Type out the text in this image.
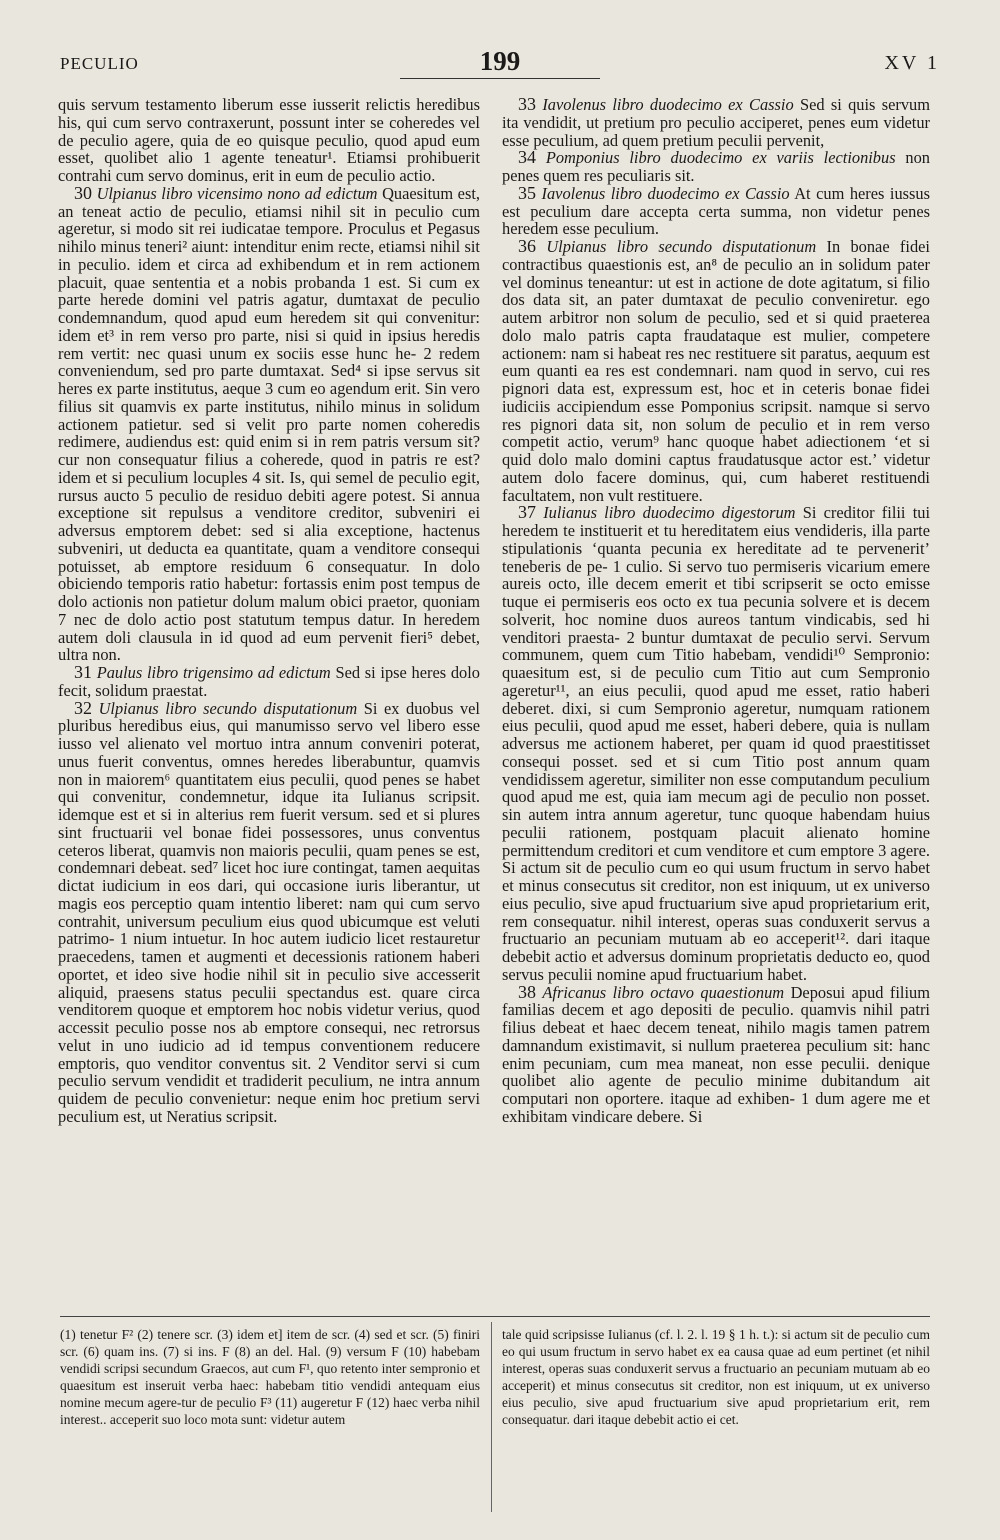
PECULIO	199	XV 1

quis servum testamento liberum esse iusserit relictis heredibus his, qui cum servo contraxerunt, possunt inter se coheredes vel de peculio agere, quia de eo quisque peculio, quod apud eum esset, quolibet alio 1 agente teneatur¹. Etiamsi prohibuerit contrahi cum servo dominus, erit in eum de peculio actio.

30 Ulpianus libro vicensimo nono ad edictum Quaesitum est, an teneat actio de peculio, etiamsi nihil sit in peculio cum ageretur, si modo sit rei iudicatae tempore. Proculus et Pegasus nihilo minus teneri² aiunt: intenditur enim recte, etiamsi nihil sit in peculio. idem et circa ad exhibendum et in rem actionem placuit, quae sententia et a nobis probanda 1 est. Si cum ex parte herede domini vel patris agatur, dumtaxat de peculio condemnandum, quod apud eum heredem sit qui convenitur: idem et³ in rem verso pro parte, nisi si quid in ipsius heredis rem vertit: nec quasi unum ex sociis esse hunc he- 2 redem conveniendum, sed pro parte dumtaxat. Sed⁴ si ipse servus sit heres ex parte institutus, aeque 3 cum eo agendum erit. Sin vero filius sit quamvis ex parte institutus, nihilo minus in solidum actionem patietur. sed si velit pro parte nomen coheredis redimere, audiendus est: quid enim si in rem patris versum sit? cur non consequatur filius a coherede, quod in patris re est? idem et si peculium locuples 4 sit. Is, qui semel de peculio egit, rursus aucto 5 peculio de residuo debiti agere potest. Si annua exceptione sit repulsus a venditore creditor, subveniri ei adversus emptorem debet: sed si alia exceptione, hactenus subveniri, ut deducta ea quantitate, quam a venditore consequi potuisset, ab emptore residuum 6 consequatur. In dolo obiciendo temporis ratio habetur: fortassis enim post tempus de dolo actionis non patietur dolum malum obici praetor, quoniam 7 nec de dolo actio post statutum tempus datur. In heredem autem doli clausula in id quod ad eum pervenit fieri⁵ debet, ultra non.

31 Paulus libro trigensimo ad edictum Sed si ipse heres dolo fecit, solidum praestat.

32 Ulpianus libro secundo disputationum Si ex duobus vel pluribus heredibus eius, qui manumisso servo vel libero esse iusso vel alienato vel mortuo intra annum conveniri poterat, unus fuerit conventus, omnes heredes liberabuntur, quamvis non in maiorem⁶ quantitatem eius peculii, quod penes se habet qui convenitur, condemnetur, idque ita Iulianus scripsit. idemque est et si in alterius rem fuerit versum. sed et si plures sint fructuarii vel bonae fidei possessores, unus conventus ceteros liberat, quamvis non maioris peculii, quam penes se est, condemnari debeat. sed⁷ licet hoc iure contingat, tamen aequitas dictat iudicium in eos dari, qui occasione iuris liberantur, ut magis eos perceptio quam intentio liberet: nam qui cum servo contrahit, universum peculium eius quod ubicumque est veluti patrimo- 1 nium intuetur. In hoc autem iudicio licet restauretur praecedens, tamen et augmenti et decessionis rationem haberi oportet, et ideo sive hodie nihil sit in peculio sive accesserit aliquid, praesens status peculii spectandus est. quare circa venditorem quoque et emptorem hoc nobis videtur verius, quod accessit peculio posse nos ab emptore consequi, nec retrorsus velut in uno iudicio ad id tempus conventionem reducere emptoris, quo venditor conventus sit. 2 Venditor servi si cum peculio servum vendidit et tradiderit peculium, ne intra annum quidem de peculio convenietur: neque enim hoc pretium servi peculium est, ut Neratius scripsit.

33 Iavolenus libro duodecimo ex Cassio Sed si quis servum ita vendidit, ut pretium pro peculio acciperet, penes eum videtur esse peculium, ad quem pretium peculii pervenit,

34 Pomponius libro duodecimo ex variis lectionibus non penes quem res peculiaris sit.

35 Iavolenus libro duodecimo ex Cassio At cum heres iussus est peculium dare accepta certa summa, non videtur penes heredem esse peculium.

36 Ulpianus libro secundo disputationum In bonae fidei contractibus quaestionis est, an⁸ de peculio an in solidum pater vel dominus teneantur: ut est in actione de dote agitatum, si filio dos data sit, an pater dumtaxat de peculio conveniretur. ego autem arbitror non solum de peculio, sed et si quid praeterea dolo malo patris capta fraudataque est mulier, competere actionem: nam si habeat res nec restituere sit paratus, aequum est eum quanti ea res est condemnari. nam quod in servo, cui res pignori data est, expressum est, hoc et in ceteris bonae fidei iudiciis accipiendum esse Pomponius scripsit. namque si servo res pignori data sit, non solum de peculio et in rem verso competit actio, verum⁹ hanc quoque habet adiectionem ‘et si quid dolo malo domini captus fraudatusque actor est.’ videtur autem dolo facere dominus, qui, cum haberet restituendi facultatem, non vult restituere.

37 Iulianus libro duodecimo digestorum Si creditor filii tui heredem te instituerit et tu hereditatem eius vendideris, illa parte stipulationis ‘quanta pecunia ex hereditate ad te pervenerit’ teneberis de pe- 1 culio. Si servo tuo permiseris vicarium emere aureis octo, ille decem emerit et tibi scripserit se octo emisse tuque ei permiseris eos octo ex tua pecunia solvere et is decem solverit, hoc nomine duos aureos tantum vindicabis, sed hi venditori praesta- 2 buntur dumtaxat de peculio servi. Servum communem, quem cum Titio habebam, vendidi¹⁰ Sempronio: quaesitum est, si de peculio cum Titio aut cum Sempronio ageretur¹¹, an eius peculii, quod apud me esset, ratio haberi deberet. dixi, si cum Sempronio ageretur, numquam rationem eius peculii, quod apud me esset, haberi debere, quia is nullam adversus me actionem haberet, per quam id quod praestitisset consequi posset. sed et si cum Titio post annum quam vendidissem ageretur, similiter non esse computandum peculium quod apud me est, quia iam mecum agi de peculio non posset. sin autem intra annum ageretur, tunc quoque habendam huius peculii rationem, postquam placuit alienato homine permittendum creditori et cum venditore et cum emptore 3 agere. Si actum sit de peculio cum eo qui usum fructum in servo habet et minus consecutus sit creditor, non est iniquum, ut ex universo eius peculio, sive apud fructuarium sive apud proprietarium erit, rem consequatur. nihil interest, operas suas conduxerit servus a fructuario an pecuniam mutuam ab eo acceperit¹². dari itaque debebit actio et adversus dominum proprietatis deducto eo, quod servus peculii nomine apud fructuarium habet.

38 Africanus libro octavo quaestionum Deposui apud filium familias decem et ago depositi de peculio. quamvis nihil patri filius debeat et haec decem teneat, nihilo magis tamen patrem damnandum existimavit, si nullum praeterea peculium sit: hanc enim pecuniam, cum mea maneat, non esse peculii. denique quolibet alio agente de peculio minime dubitandum ait computari non oportere. itaque ad exhiben- 1 dum agere me et exhibitam vindicare debere. Si

(1) tenetur F² (2) tenere scr. (3) idem et] item de scr. (4) sed et scr. (5) finiri scr. (6) quam ins. (7) si ins. F (8) an del. Hal. (9) versum F (10) habebam vendidi scripsi secundum Graecos, aut cum F¹, quo retento inter sempronio et quaesitum est inseruit verba haec: habebam titio vendidi antequam eius nomine mecum agere-tur de peculio F³ (11) augeretur F (12) haec verba nihil interest.. acceperit suo loco mota sunt: videtur autem

tale quid scripsisse Iulianus (cf. l. 2. l. 19 § 1 h. t.): si actum sit de peculio cum eo qui usum fructum in servo habet ex ea causa quae ad eum pertinet (et nihil interest, operas suas conduxerit servus a fructuario an pecuniam mutuam ab eo acceperit) et minus consecutus sit creditor, non est iniquum, ut ex universo eius peculio, sive apud fructuarium sive apud proprietarium erit, rem consequatur. dari itaque debebit actio ei cet.
